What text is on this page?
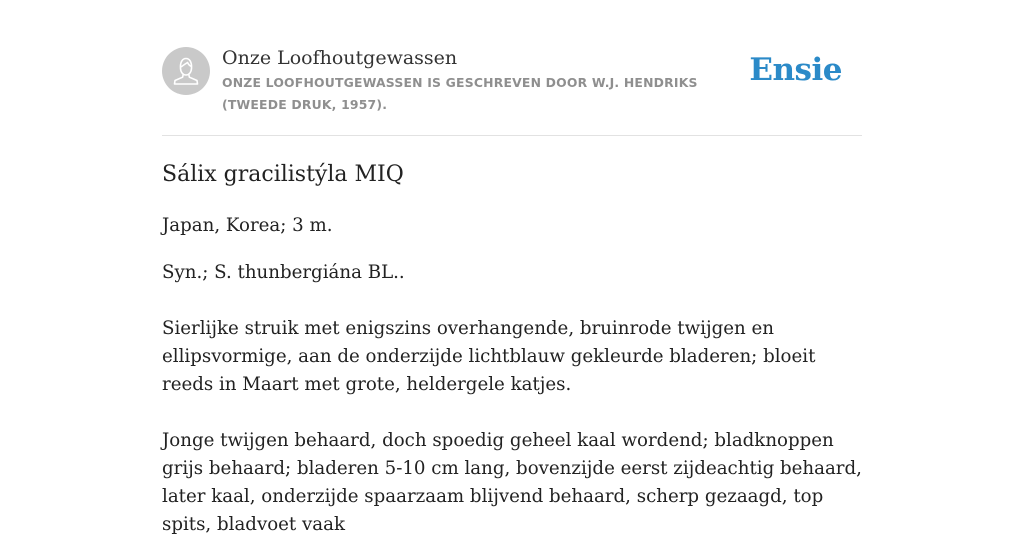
Onze Loofhoutgewassen
ONZE LOOFHOUTGEWASSEN IS GESCHREVEN DOOR W.J. HENDRIKS (TWEEDE DRUK, 1957).
Ensie
Sálix gracilistýla MIQ
Japan, Korea; 3 m.
Syn.; S. thunbergiána BL..
Sierlijke struik met enigszins overhangende, bruinrode twijgen en ellipsvormige, aan de onderzijde lichtblauw gekleurde bladeren; bloeit reeds in Maart met grote, heldergele katjes.
Jonge twijgen behaard, doch spoedig geheel kaal wordend; bladknoppen grijs behaard; bladeren 5-10 cm lang, bovenzijde eerst zijdeachtig behaard, later kaal, onderzijde spaarzaam blijvend behaard, scherp gezaagd, top spits, bladvoet vaak
